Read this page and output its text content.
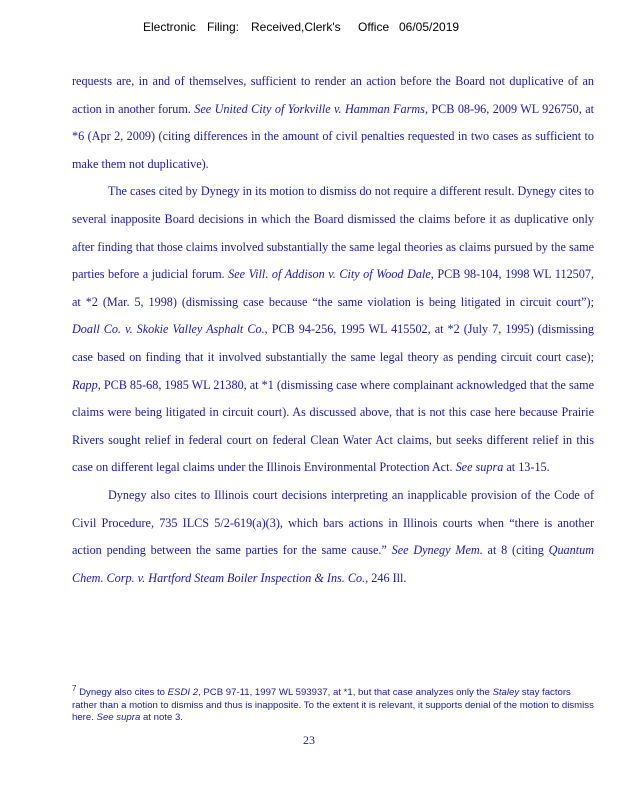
Electronic Filing: Received,Clerk's Office 06/05/2019

requests are, in and of themselves, sufficient to render an action before the Board not duplicative of an action in another forum. See United City of Yorkville v. Hamman Farms, PCB 08-96, 2009 WL 926750, at *6 (Apr 2, 2009) (citing differences in the amount of civil penalties requested in two cases as sufficient to make them not duplicative).

The cases cited by Dynegy in its motion to dismiss do not require a different result. Dynegy cites to several inapposite Board decisions in which the Board dismissed the claims before it as duplicative only after finding that those claims involved substantially the same legal theories as claims pursued by the same parties before a judicial forum. See Vill. of Addison v. City of Wood Dale, PCB 98-104, 1998 WL 112507, at *2 (Mar. 5, 1998) (dismissing case because “the same violation is being litigated in circuit court”); Doall Co. v. Skokie Valley Asphalt Co., PCB 94-256, 1995 WL 415502, at *2 (July 7, 1995) (dismissing case based on finding that it involved substantially the same legal theory as pending circuit court case); Rapp, PCB 85-68, 1985 WL 21380, at *1 (dismissing case where complainant acknowledged that the same claims were being litigated in circuit court). As discussed above, that is not this case here because Prairie Rivers sought relief in federal court on federal Clean Water Act claims, but seeks different relief in this case on different legal claims under the Illinois Environmental Protection Act. See supra at 13-15.

Dynegy also cites to Illinois court decisions interpreting an inapplicable provision of the Code of Civil Procedure, 735 ILCS 5/2-619(a)(3), which bars actions in Illinois courts when “there is another action pending between the same parties for the same cause.” See Dynegy Mem. at 8 (citing Quantum Chem. Corp. v. Hartford Steam Boiler Inspection & Ins. Co., 246 Ill.

$^7$ Dynegy also cites to ESDI 2, PCB 97-11, 1997 WL 593937, at *1, but that case analyzes only the Staley stay factors rather than a motion to dismiss and thus is inapposite. To the extent it is relevant, it supports denial of the motion to dismiss here. See supra at note 3.
23
